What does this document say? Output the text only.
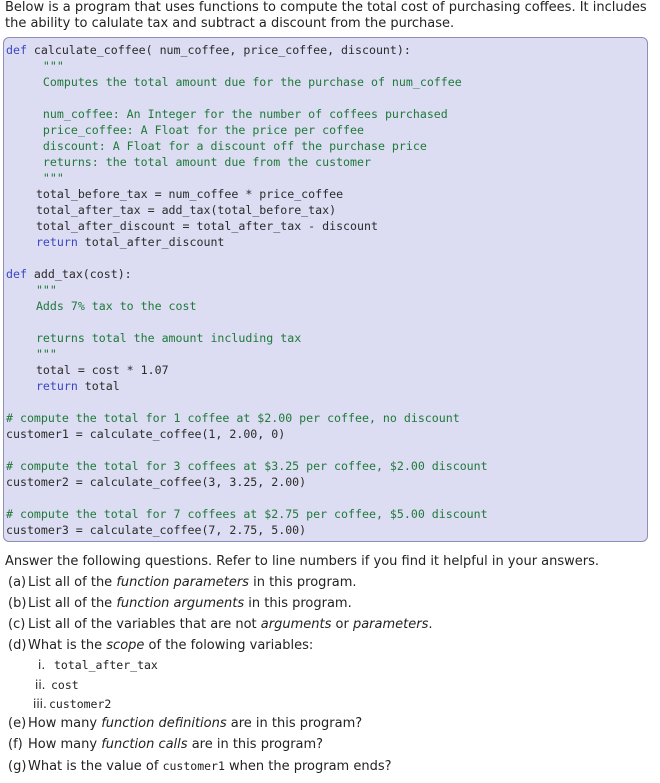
Below is a program that uses functions to compute the total cost of purchasing coffees. It includes the ability to calulate tax and subtract a discount from the purchase.
def calculate_coffee( num_coffee, price_coffee, discount):
"""
Computes the total amount due for the purchase of num_coffee
num_coffee: An Integer for the number of coffees purchased
price_coffee: A Float for the price per coffee
discount: A Float for a discount off the purchase price
returns: the total amount due from the customer
"""
total_before_tax = num_coffee * price_coffee
total_after_tax = add_tax(total_before_tax)
total_after_discount = total_after_tax - discount
return total_after_discount
def add_tax(cost):
"""
Adds 7% tax to the cost
returns total the amount including tax
"""
total = cost * 1.07
return total
# compute the total for 1 coffee at $2.00 per coffee, no discount
customer1 = calculate_coffee(1, 2.00, 0)
# compute the total for 3 coffees at $3.25 per coffee, $2.00 discount
customer2 = calculate_coffee(3, 3.25, 2.00)
# compute the total for 7 coffees at $2.75 per coffee, $5.00 discount
customer3 = calculate_coffee(7, 2.75, 5.00)
Answer the following questions. Refer to line numbers if you find it helpful in your answers.
(a) List all of the function parameters in this program.
(b) List all of the function arguments in this program.
(c) List all of the variables that are not arguments or parameters.
(d) What is the scope of the folowing variables:
i. total_after_tax
ii. cost
iii. customer2
(e) How many function definitions are in this program?
(f) How many function calls are in this program?
(g) What is the value of customer1 when the program ends?
